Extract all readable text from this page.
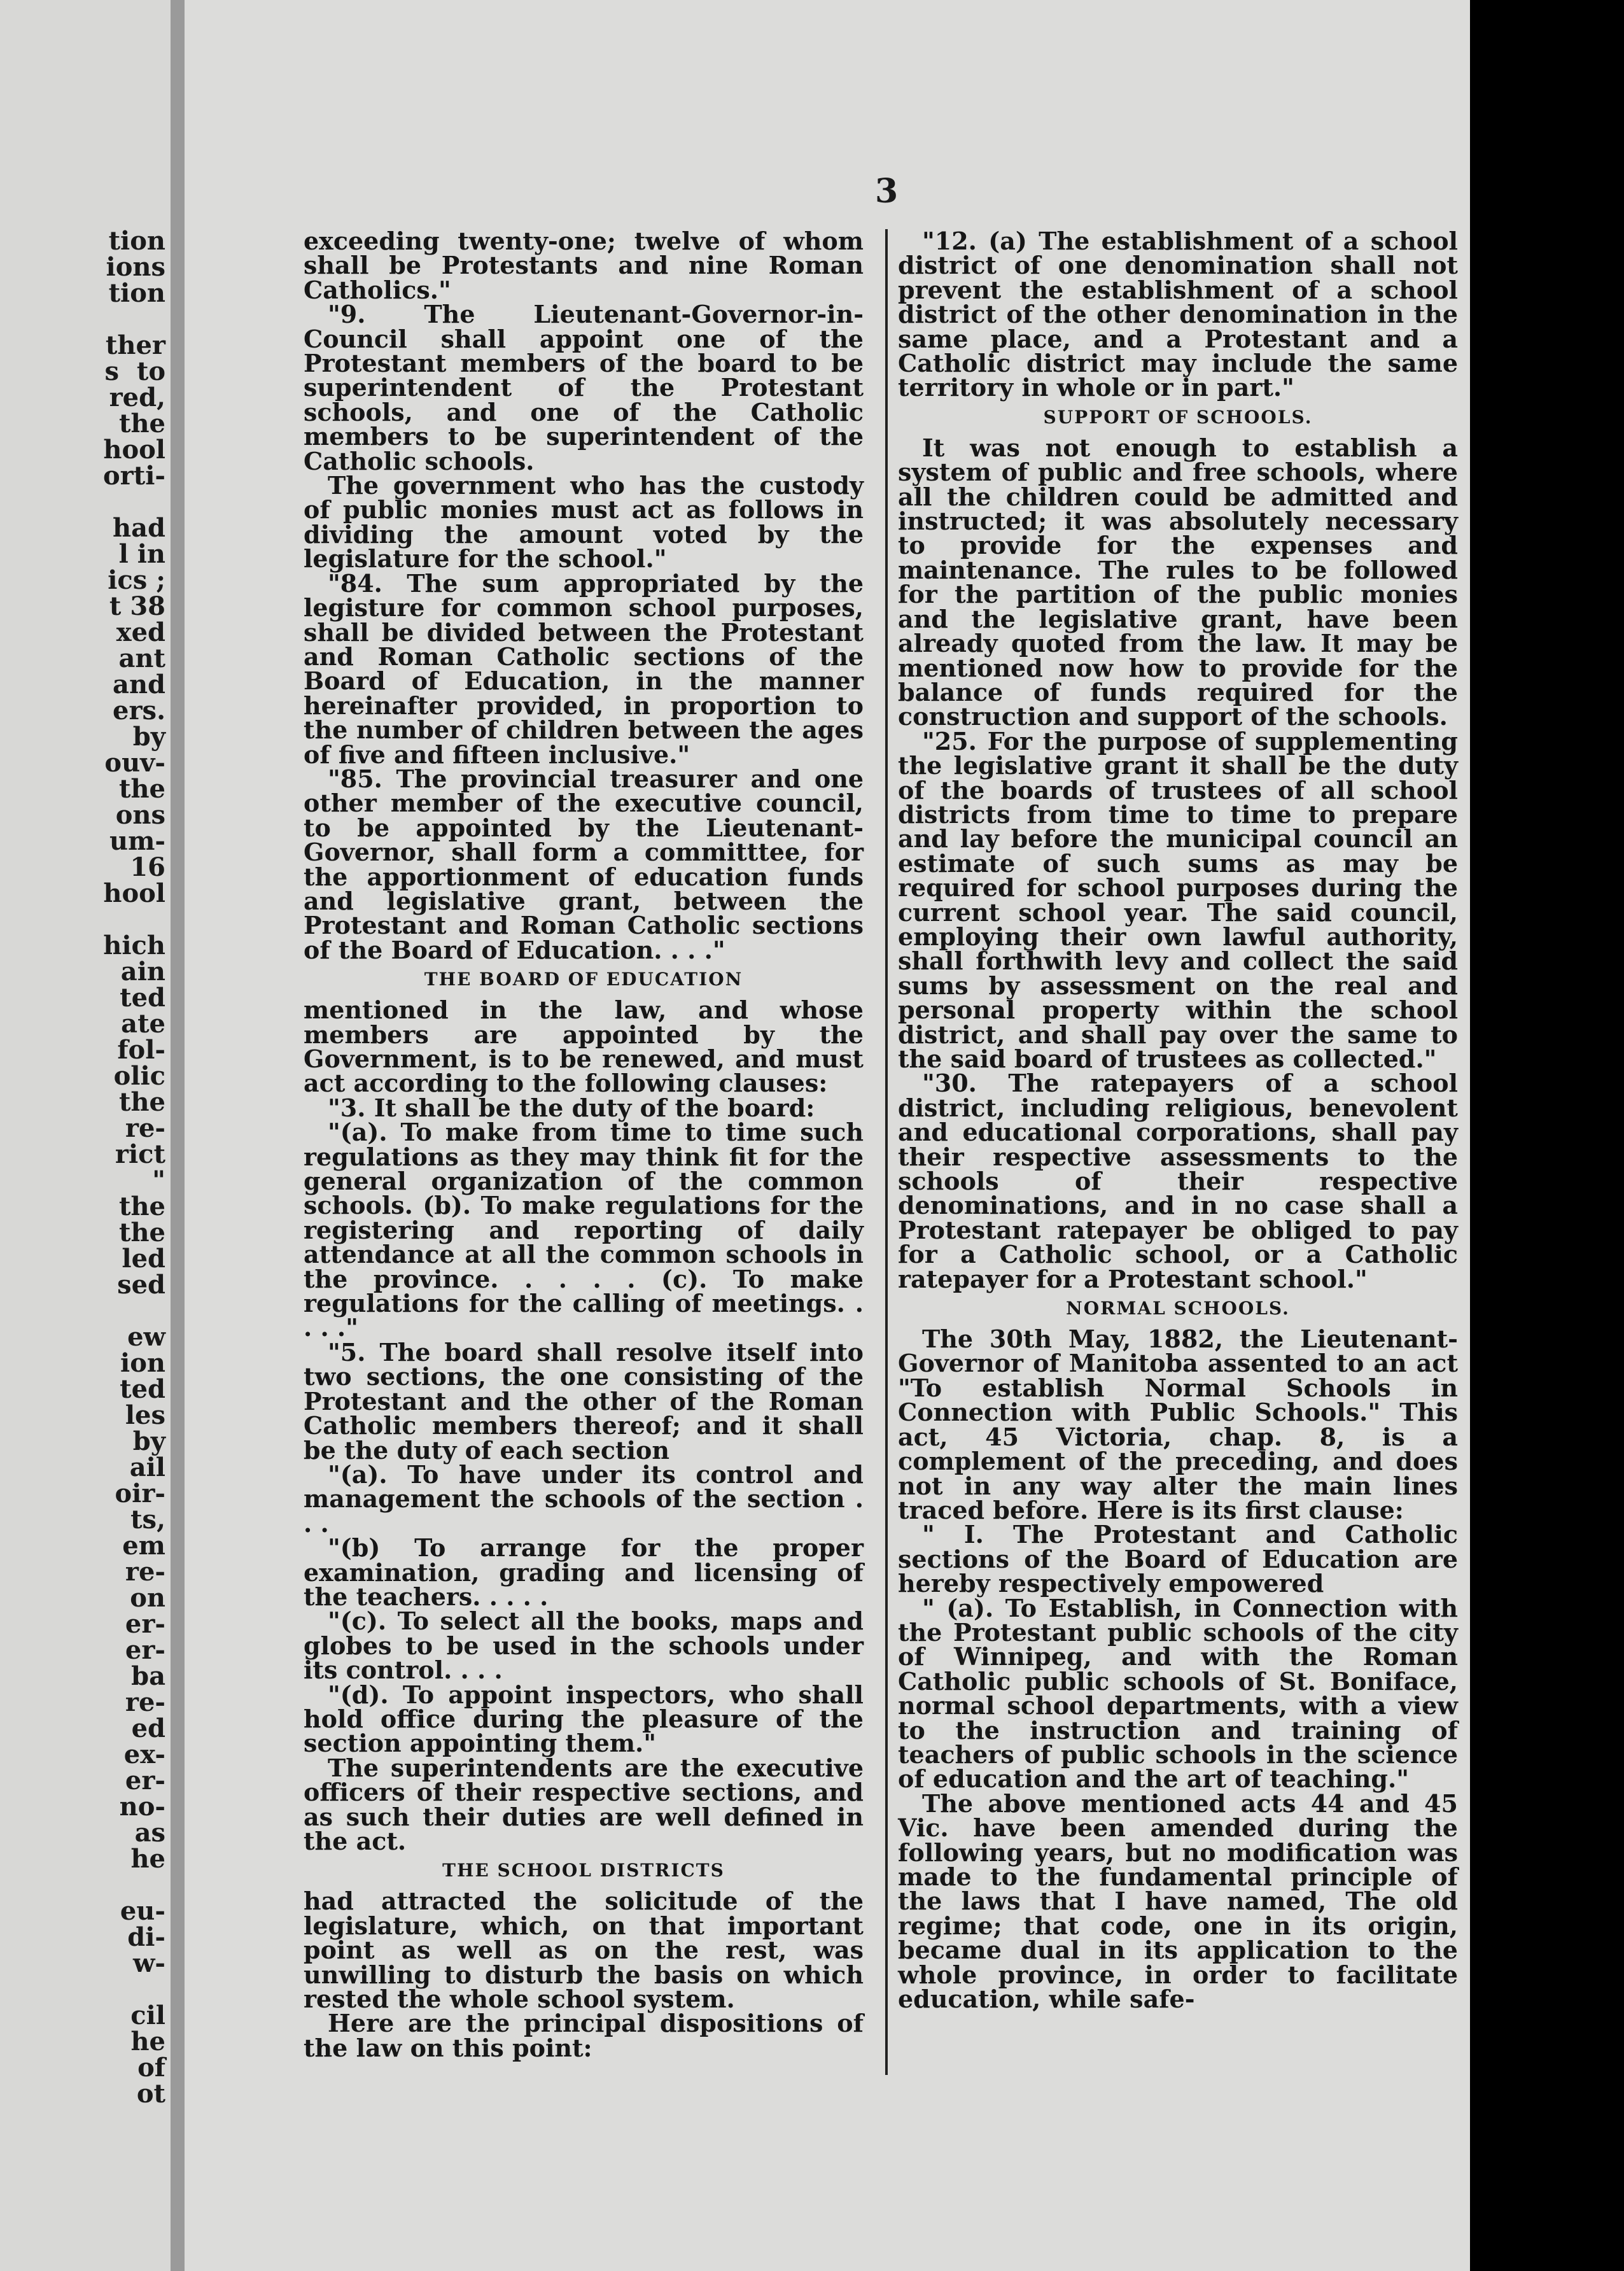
tion
ions
tion
ther
s  to
red,
the
hool
orti-
had
l in
ics ;
t 38
xed
ant
and
ers.
by
ouv-
the
ons
um-
16
hool
hich
ain
ted
ate
fol-
olic
the
re-
rict
"
the
the
led
sed
ew
ion
ted
les
by
ail
oir-
ts,
em
re-
on
er-
er-
ba
re-
ed
ex-
er-
no-
as
he
eu-
di-
w-
cil
he
of
ot
3

exceeding twenty-one; twelve of whom shall be Protestants and nine Roman Catholics."

"9. The Lieutenant-Governor-in-Council shall appoint one of the Protestant members of the board to be superintendent of the Protestant schools, and one of the Catholic members to be superintendent of the Catholic schools.

The government who has the custody of public monies must act as follows in dividing the amount voted by the legislature for the school."

"84. The sum appropriated by the legisture for common school purposes, shall be divided between the Protestant and Roman Catholic sections of the Board of Education, in the manner hereinafter provided, in proportion to the number of children between the ages of five and fifteen inclusive."

"85. The provincial treasurer and one other member of the executive council, to be appointed by the Lieutenant-Governor, shall form a committtee, for the apportionment of education funds and legislative grant, between the Protestant and Roman Catholic sections of the Board of Education. . . ."

THE BOARD OF EDUCATION

mentioned in the law, and whose members are appointed by the Government, is to be renewed, and must act according to the following clauses:

"3. It shall be the duty of the board:

"(a). To make from time to time such regulations as they may think fit for the general organization of the common schools. (b). To make regulations for the registering and reporting of daily attendance at all the common schools in the province. . . . . (c). To make regulations for the calling of meetings. . . . ."

"5. The board shall resolve itself into two sections, the one consisting of the Protestant and the other of the Roman Catholic members thereof; and it shall be the duty of each section

"(a). To have under its control and management the schools of the section . . .

"(b) To arrange for the proper examination, grading and licensing of the teachers. . . . .

"(c). To select all the books, maps and globes to be used in the schools under its control. . . .

"(d). To appoint inspectors, who shall hold office during the pleasure of the section appointing them."

The superintendents are the executive officers of their respective sections, and as such their duties are well defined in the act.

THE SCHOOL DISTRICTS

had attracted the solicitude of the legislature, which, on that important point as well as on the rest, was unwilling to disturb the basis on which rested the whole school system.

Here are the principal dispositions of the law on this point:

"12. (a) The establishment of a school district of one denomination shall not prevent the establishment of a school district of the other denomination in the same place, and a Protestant and a Catholic district may include the same territory in whole or in part."

SUPPORT OF SCHOOLS.

It was not enough to establish a system of public and free schools, where all the children could be admitted and instructed; it was absolutely necessary to provide for the expenses and maintenance. The rules to be followed for the partition of the public monies and the legislative grant, have been already quoted from the law. It may be mentioned now how to provide for the balance of funds required for the construction and support of the schools.

"25. For the purpose of supplementing the legislative grant it shall be the duty of the boards of trustees of all school districts from time to time to prepare and lay before the municipal council an estimate of such sums as may be required for school purposes during the current school year. The said council, employing their own lawful authority, shall forthwith levy and collect the said sums by assessment on the real and personal property within the school district, and shall pay over the same to the said board of trustees as collected."

"30. The ratepayers of a school district, including religious, benevolent and educational corporations, shall pay their respective assessments to the schools of their respective denominations, and in no case shall a Protestant ratepayer be obliged to pay for a Catholic school, or a Catholic ratepayer for a Protestant school."

NORMAL SCHOOLS.

The 30th May, 1882, the Lieutenant-Governor of Manitoba assented to an act "To establish Normal Schools in Connection with Public Schools." This act, 45 Victoria, chap. 8, is a complement of the preceding, and does not in any way alter the main lines traced before. Here is its first clause:

" I. The Protestant and Catholic sections of the Board of Education are hereby respectively empowered

" (a). To Establish, in Connection with the Protestant public schools of the city of Winnipeg, and with the Roman Catholic public schools of St. Boniface, normal school departments, with a view to the instruction and training of teachers of public schools in the science of education and the art of teaching."

The above mentioned acts 44 and 45 Vic. have been amended during the following years, but no modification was made to the fundamental principle of the laws that I have named, The old regime; that code, one in its origin, became dual in its application to the whole province, in order to facilitate education, while safe-
